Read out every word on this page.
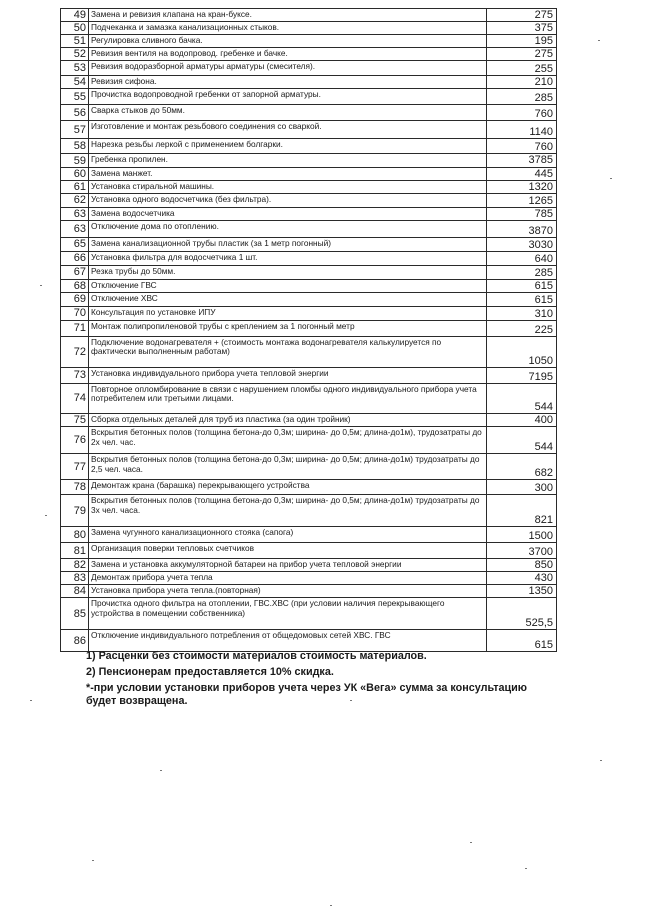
49	Замена и ревизия клапана на кран-буксе.	275
50	Подчеканка и замазка канализационных стыков.	375
51	Регулировка сливного бачка.	195
52	Ревизия вентиля на водопровод. гребенке и бачке.	275
53	Ревизия водоразборной арматуры арматуры (смесителя).	255
54	Ревизия сифона.	210
55	Прочистка водопроводной гребенки от запорной арматуры.	285
56	Сварка стыков до 50мм.	760
57	Изготовление и монтаж резьбового соединения со сваркой.	1140
58	Нарезка резьбы леркой с применением болгарки.	760
59	Гребенка пропилен.	3785
60	Замена манжет.	445
61	Установка стиральной машины.	1320
62	Установка одного водосчетчика (без фильтра).	1265
63	Замена водосчетчика	785
63	Отключение дома по отоплению.	3870
65	Замена канализационной трубы пластик (за 1 метр погонный)	3030
66	Установка фильтра для водосчетчика 1 шт.	640
67	Резка трубы до 50мм.	285
68	Отключение ГВС	615
69	Отключение ХВС	615
70	Консультация по установке ИПУ	310
71	Монтаж полипропиленовой трубы с креплением за 1 погонный метр	225
72	Подключение водонагревателя + (стоимость монтажа водонагревателя калькулируется по фактически выполненным работам)	1050
73	Установка индивидуального прибора учета тепловой энергии	7195
74	Повторное опломбирование в связи с нарушением пломбы одного индивидуального прибора учета потребителем или третьими лицами.	544
75	Сборка отдельных деталей для труб из пластика (за один тройник)	400
76	Вскрытия бетонных полов (толщина бетона-до 0,3м; ширина- до 0,5м; длина-до1м), трудозатраты до 2х чел. час.	544
77	Вскрытия бетонных полов (толщина бетона-до 0,3м; ширина- до 0,5м; длина-до1м) трудозатраты до 2,5 чел. часа.	682
78	Демонтаж крана (барашка) перекрывающего устройства	300
79	Вскрытия бетонных полов (толщина бетона-до 0,3м; ширина- до 0,5м; длина-до1м) трудозатраты до 3х чел. часа.	821
80	Замена чугунного канализационного стояка (сапога)	1500
81	Организация поверки тепловых счетчиков	3700
82	Замена и установка аккумуляторной батареи на прибор учета тепловой энергии	850
83	Демонтаж прибора учета тепла	430
84	Установка прибора учета тепла.(повторная)	1350
85	Прочистка одного фильтра на отоплении, ГВС.ХВС (при условии наличия перекрывающего устройства в помещении собственника)	525,5
86	Отключение индивидуального потребления от общедомовых сетей ХВС. ГВС	615

1) Расценки без стоимости материалов стоимость материалов.

2) Пенсионерам предоставляется 10% скидка.

*-при условии установки приборов учета через УК «Вега» сумма за консультацию будет возвращена.
